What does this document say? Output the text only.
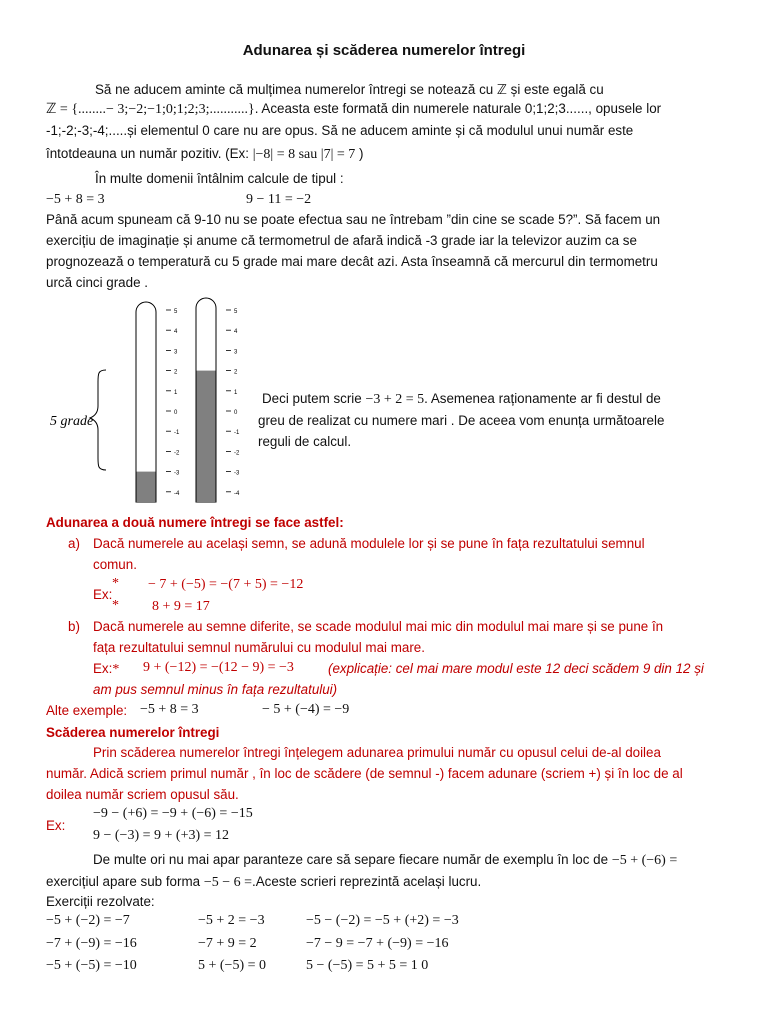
Adunarea și scăderea numerelor întregi
Să ne aducem aminte că mulțimea numerelor întregi se notează cu ℤ și este egală cu
ℤ = {........− 3;−2;−1;0;1;2;3;...........}. Aceasta este formată din numerele naturale 0;1;2;3......, opusele lor
-1;-2;-3;-4;.....și elementul 0 care nu are opus. Să ne aducem aminte și că modulul unui număr este
întotdeauna un număr pozitiv. (Ex: |−8| = 8 sau |7| = 7 )
În multe domenii întâlnim calcule de tipul :
−5 + 8 = 3	9 − 11 = −2
Până acum spuneam că 9-10 nu se poate efectua sau ne întrebam ”din cine se scade 5?”. Să facem un
exercițiu de imaginație și anume că termometrul de afară indică -3 grade iar la televizor auzim ca se
prognozează o temperatură cu 5 grade mai mare decât azi. Asta înseamnă că mercurul din termometru
urcă cinci grade .
5 grade
5
4
3
2
1
0
-1
-2
-3
-4
5
4
3
2
1
0
-1
-2
-3
-4
Deci putem scrie −3 + 2 = 5. Asemenea raționamente ar fi destul de
greu de realizat cu numere mari . De aceea vom enunța următoarele
reguli de calcul.
Adunarea a două numere întregi se face astfel:
a) Dacă numerele au același semn, se adună modulele lor și se pune în fața rezultatului semnul
comun.
* − 7 + (−5) = −(7 + 5) = −12
Ex:
* 8 + 9 = 17
b) Dacă numerele au semne diferite, se scade modulul mai mic din modulul mai mare și se pune în
fața rezultatului semnul numărului cu modulul mai mare.
Ex:* 9 + (−12) = −(12 − 9) = −3	(explicație: cel mai mare modul este 12 deci scădem 9 din 12 și
am pus semnul minus în fața rezultatului)
Alte exemple: −5 + 8 = 3	− 5 + (−4) = −9
Scăderea numerelor întregi
Prin scăderea numerelor întregi înțelegem adunarea primului număr cu opusul celui de-al doilea
număr. Adică scriem primul număr , în loc de scădere (de semnul -) facem adunare (scriem +) și în loc de al
doilea număr scriem opusul său.
−9 − (+6) = −9 + (−6) = −15
Ex:
9 − (−3) = 9 + (+3) = 12
De multe ori nu mai apar paranteze care să separe fiecare număr de exemplu în loc de −5 + (−6) =
exercițiul apare sub forma −5 − 6 =.Aceste scrieri reprezintă același lucru.
Exerciții rezolvate:
−5 + (−2) = −7	−5 + 2 = −3	−5 − (−2) = −5 + (+2) = −3
−7 + (−9) = −16	−7 + 9 = 2	−7 − 9 = −7 + (−9) = −16
−5 + (−5) = −10	5 + (−5) = 0	5 − (−5) = 5 + 5 = 1 0
